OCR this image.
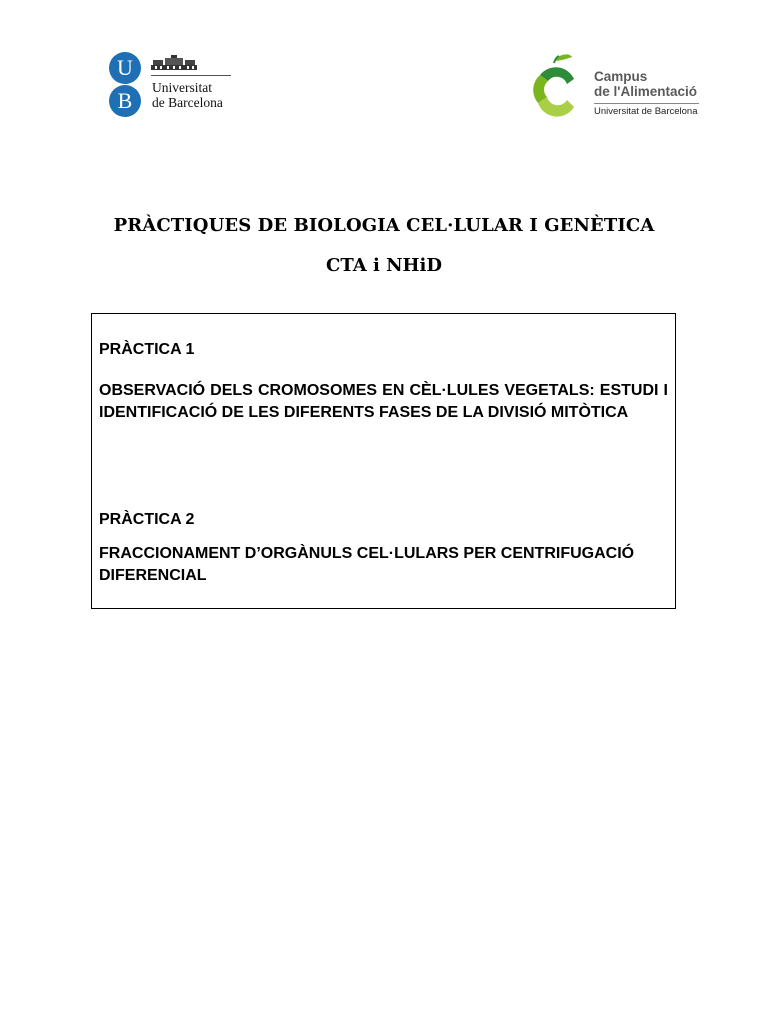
U
B
Universitat
de Barcelona
Campus
de l'Alimentació
Universitat de Barcelona
PRÀCTIQUES DE BIOLOGIA CEL·LULAR I GENÈTICA
CTA i NHiD
PRÀCTICA 1
OBSERVACIÓ DELS CROMOSOMES EN CÈL·LULES VEGETALS: ESTUDI I IDENTIFICACIÓ DE LES DIFERENTS FASES DE LA DIVISIÓ MITÒTICA
PRÀCTICA 2
FRACCIONAMENT D’ORGÀNULS CEL·LULARS PER CENTRIFUGACIÓ DIFERENCIAL
